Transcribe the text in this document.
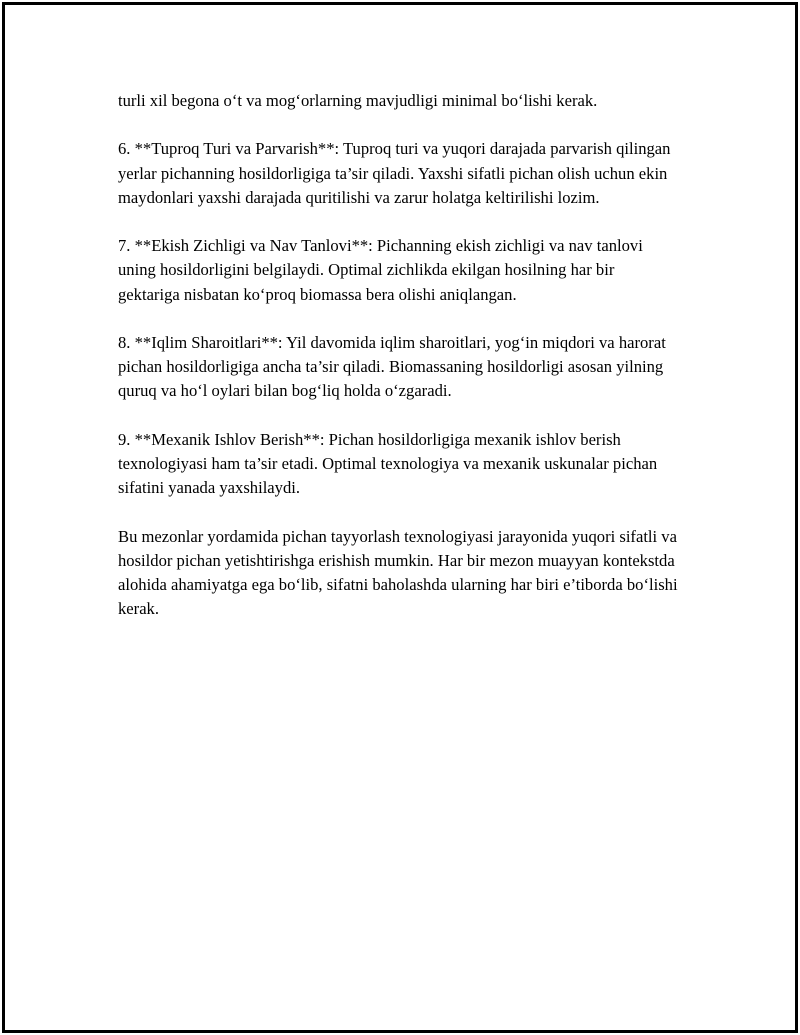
turli xil begona o‘t va mog‘orlarning mavjudligi minimal bo‘lishi kerak.

6. **Tuproq Turi va Parvarish**: Tuproq turi va yuqori darajada parvarish qilingan yerlar pichanning hosildorligiga ta’sir qiladi. Yaxshi sifatli pichan olish uchun ekin maydonlari yaxshi darajada quritilishi va zarur holatga keltirilishi lozim.

7. **Ekish Zichligi va Nav Tanlovi**: Pichanning ekish zichligi va nav tanlovi uning hosildorligini belgilaydi. Optimal zichlikda ekilgan hosilning har bir gektariga nisbatan ko‘proq biomassa bera olishi aniqlangan.

8. **Iqlim Sharoitlari**: Yil davomida iqlim sharoitlari, yog‘in miqdori va harorat pichan hosildorligiga ancha ta’sir qiladi. Biomassaning hosildorligi asosan yilning quruq va ho‘l oylari bilan bog‘liq holda o‘zgaradi.

9. **Mexanik Ishlov Berish**: Pichan hosildorligiga mexanik ishlov berish texnologiyasi ham ta’sir etadi. Optimal texnologiya va mexanik uskunalar pichan sifatini yanada yaxshilaydi.

Bu mezonlar yordamida pichan tayyorlash texnologiyasi jarayonida yuqori sifatli va hosildor pichan yetishtirishga erishish mumkin. Har bir mezon muayyan kontekstda alohida ahamiyatga ega bo‘lib, sifatni baholashda ularning har biri e’tiborda bo‘lishi kerak.
